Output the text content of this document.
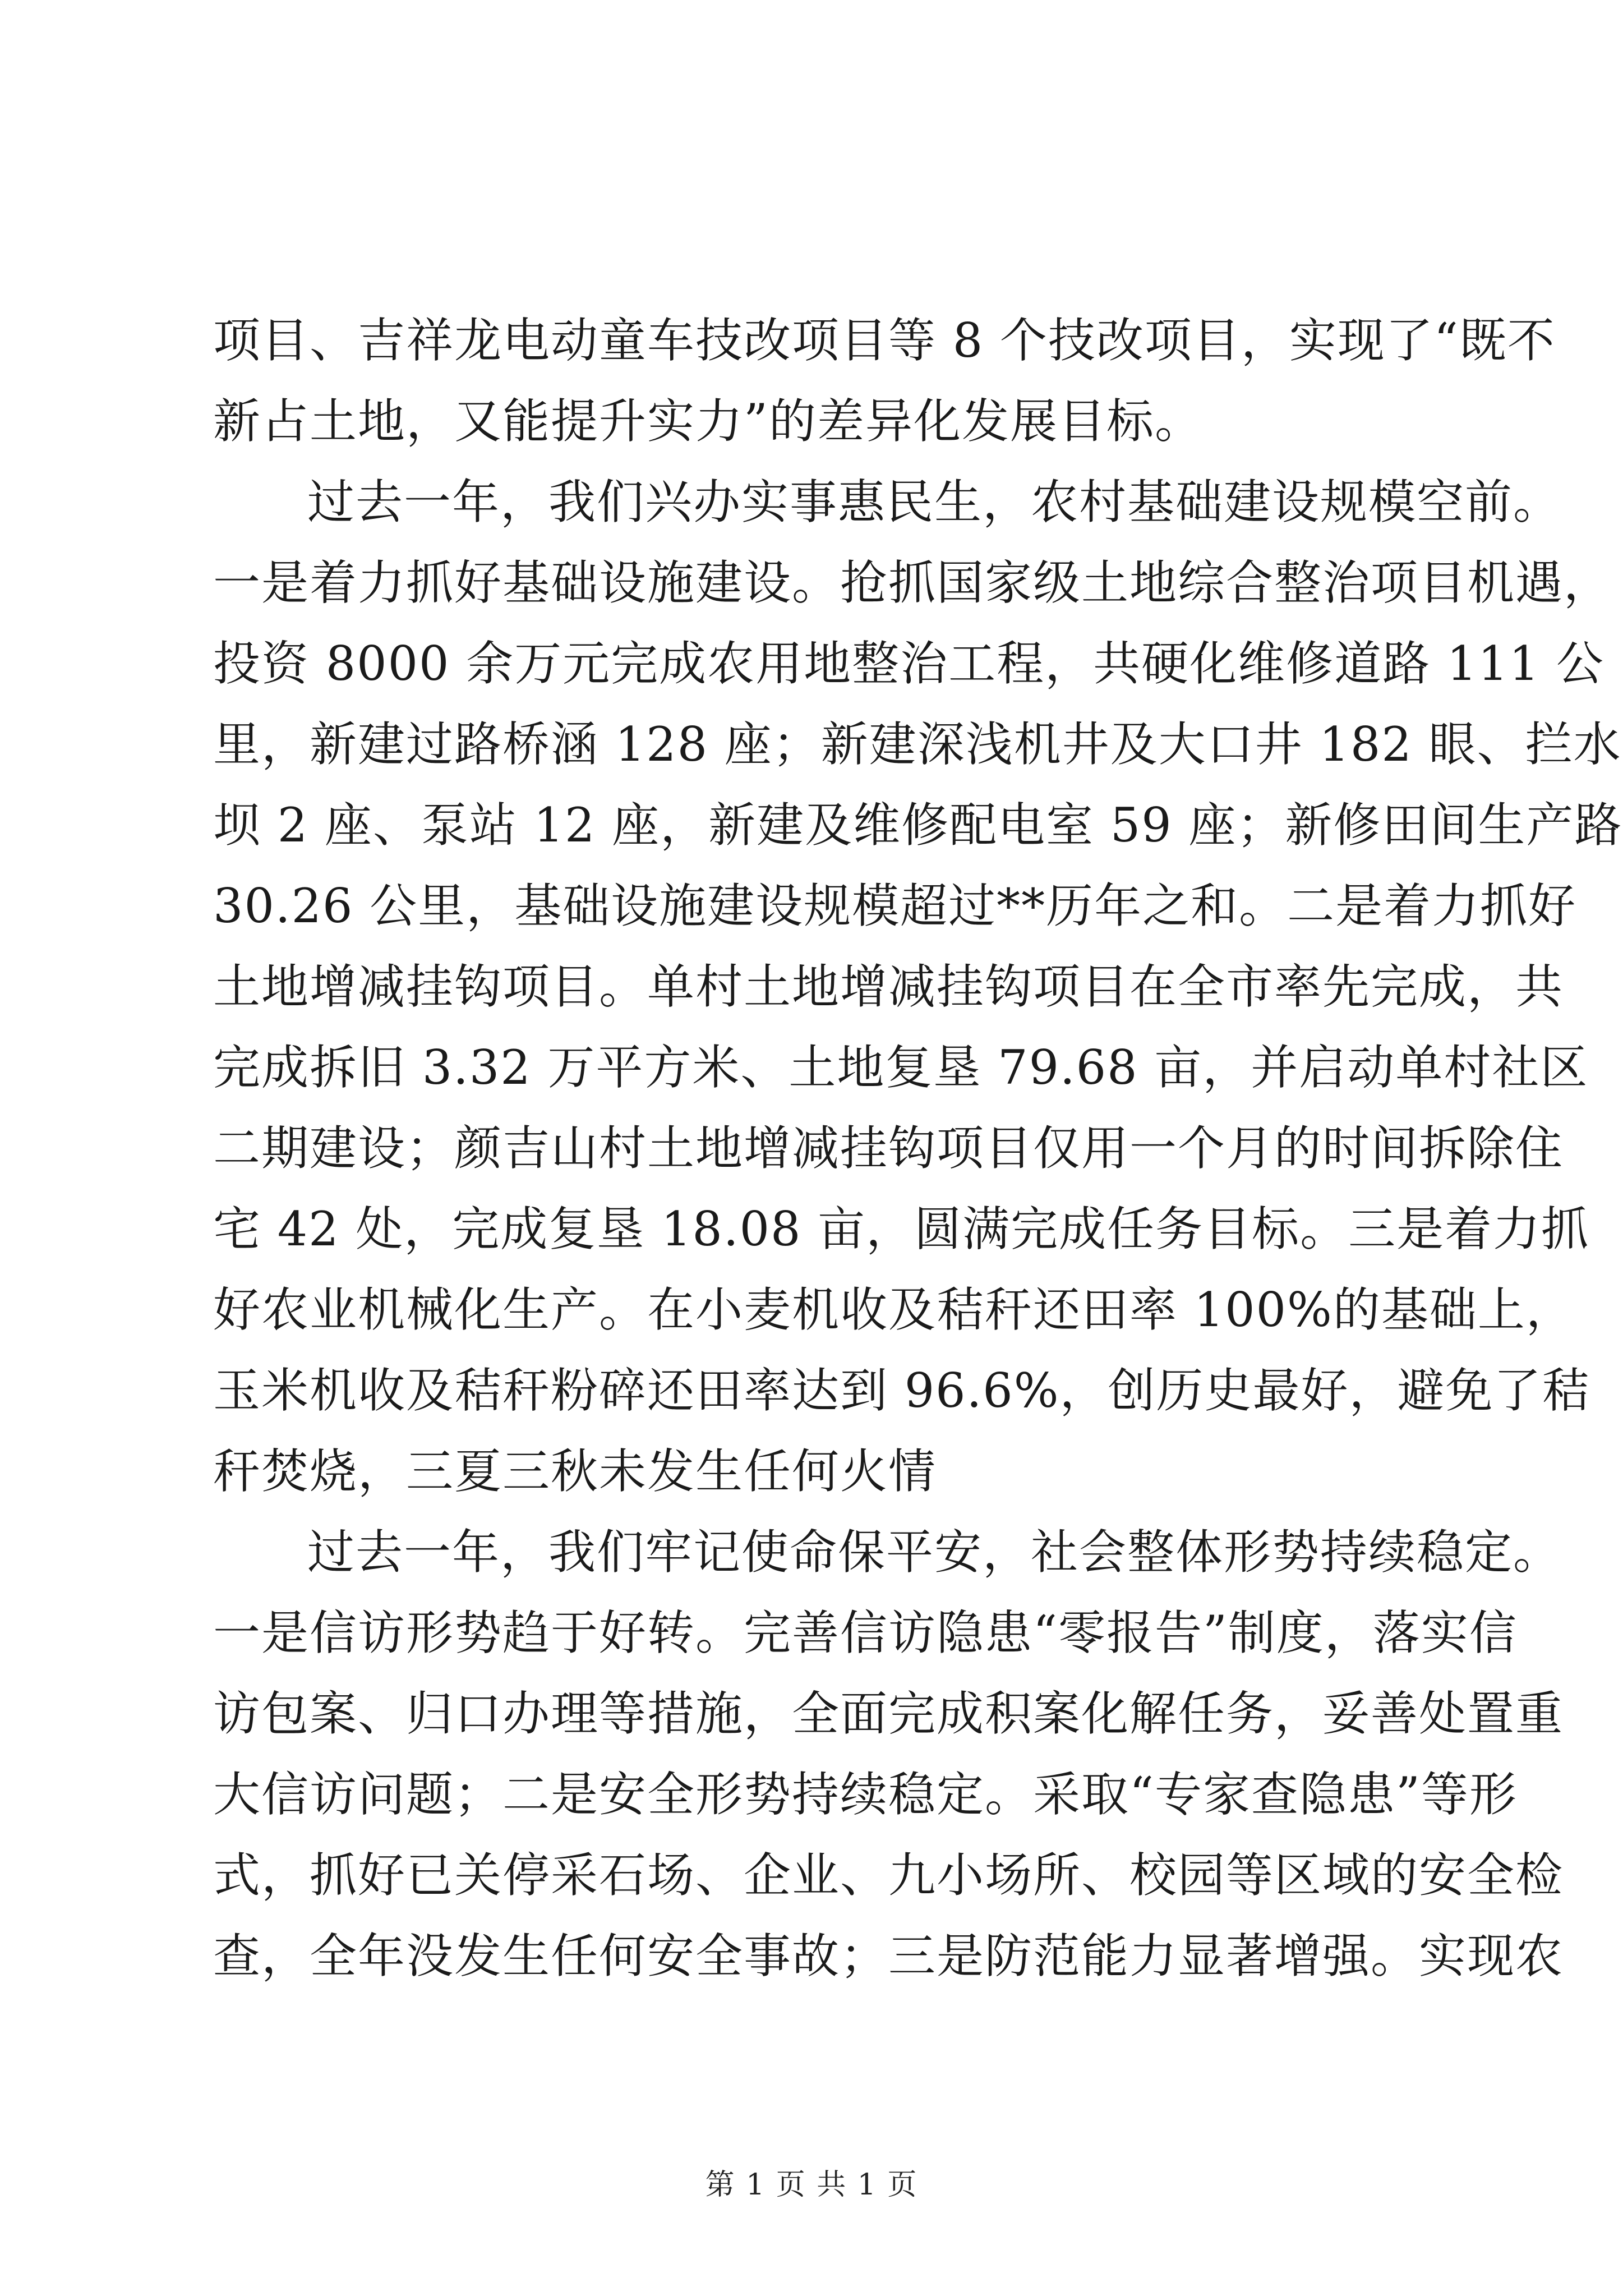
项目、吉祥龙电动童车技改项目等 8 个技改项目，实现了“既不
新占土地，又能提升实力”的差异化发展目标。
过去一年，我们兴办实事惠民生，农村基础建设规模空前。
一是着力抓好基础设施建设。抢抓国家级土地综合整治项目机遇，
投资 8000 余万元完成农用地整治工程，共硬化维修道路 111 公
里，新建过路桥涵 128 座；新建深浅机井及大口井 182 眼、拦水
坝 2 座、泵站 12 座，新建及维修配电室 59 座；新修田间生产路
30.26 公里，基础设施建设规模超过**历年之和。二是着力抓好
土地增减挂钩项目。单村土地增减挂钩项目在全市率先完成，共
完成拆旧 3.32 万平方米、土地复垦 79.68 亩，并启动单村社区
二期建设；颜吉山村土地增减挂钩项目仅用一个月的时间拆除住
宅 42 处，完成复垦 18.08 亩，圆满完成任务目标。三是着力抓
好农业机械化生产。在小麦机收及秸秆还田率 100%的基础上，
玉米机收及秸秆粉碎还田率达到 96.6%，创历史最好，避免了秸
秆焚烧，三夏三秋未发生任何火情
过去一年，我们牢记使命保平安，社会整体形势持续稳定。
一是信访形势趋于好转。完善信访隐患“零报告”制度，落实信
访包案、归口办理等措施，全面完成积案化解任务，妥善处置重
大信访问题；二是安全形势持续稳定。采取“专家查隐患”等形
式，抓好已关停采石场、企业、九小场所、校园等区域的安全检
查，全年没发生任何安全事故；三是防范能力显著增强。实现农
第 1 页 共 1 页
